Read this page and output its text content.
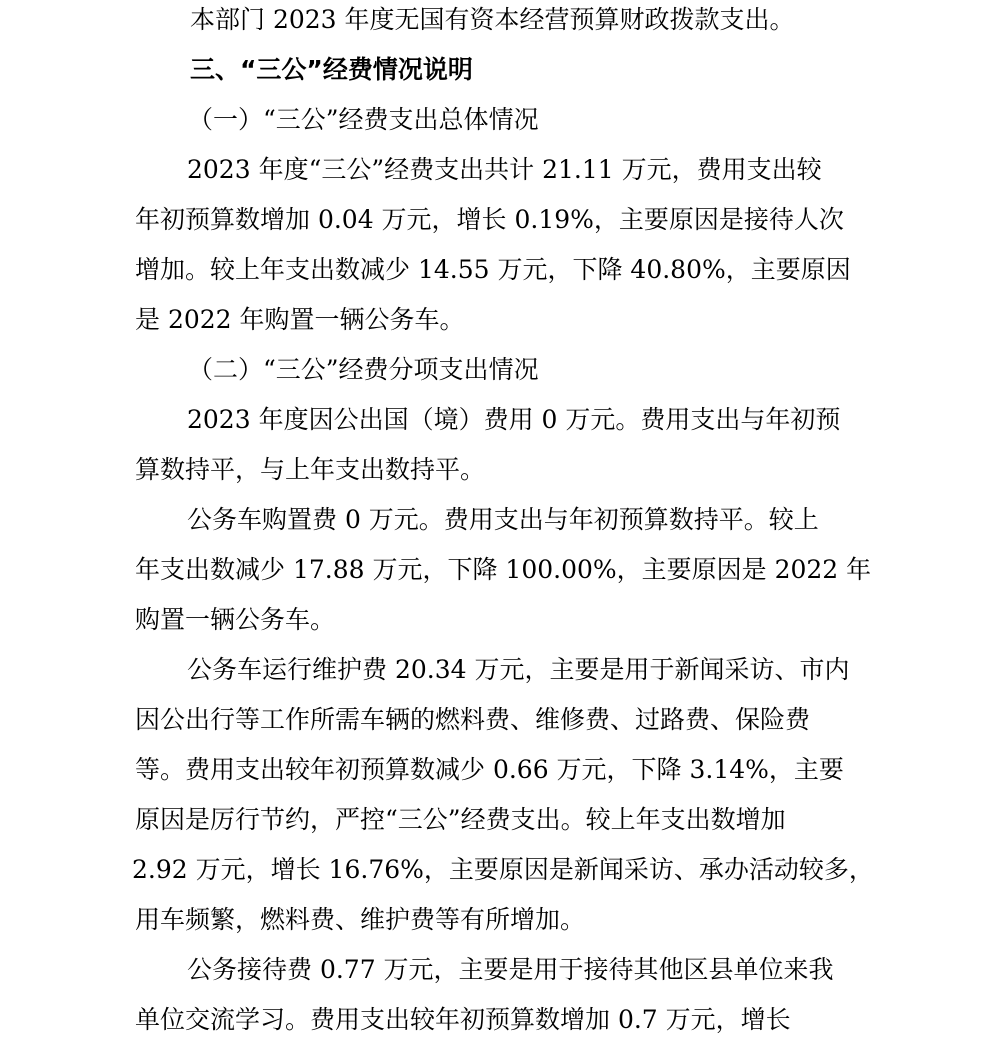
本部门 2023 年度无国有资本经营预算财政拨款支出。
三、“三公”经费情况说明
（一）“三公”经费支出总体情况
2023 年度“三公”经费支出共计 21.11 万元，费用支出较
年初预算数增加 0.04 万元，增长 0.19%，主要原因是接待人次
增加。较上年支出数减少 14.55 万元，下降 40.80%，主要原因
是 2022 年购置一辆公务车。
（二）“三公”经费分项支出情况
2023 年度因公出国（境）费用 0 万元。费用支出与年初预
算数持平，与上年支出数持平。
公务车购置费 0 万元。费用支出与年初预算数持平。较上
年支出数减少 17.88 万元，下降 100.00%，主要原因是 2022 年
购置一辆公务车。
公务车运行维护费 20.34 万元，主要是用于新闻采访、市内
因公出行等工作所需车辆的燃料费、维修费、过路费、保险费
等。费用支出较年初预算数减少 0.66 万元，下降 3.14%，主要
原因是厉行节约，严控“三公”经费支出。较上年支出数增加
2.92 万元，增长 16.76%，主要原因是新闻采访、承办活动较多，
用车频繁，燃料费、维护费等有所增加。
公务接待费 0.77 万元，主要是用于接待其他区县单位来我
单位交流学习。费用支出较年初预算数增加 0.7 万元，增长
